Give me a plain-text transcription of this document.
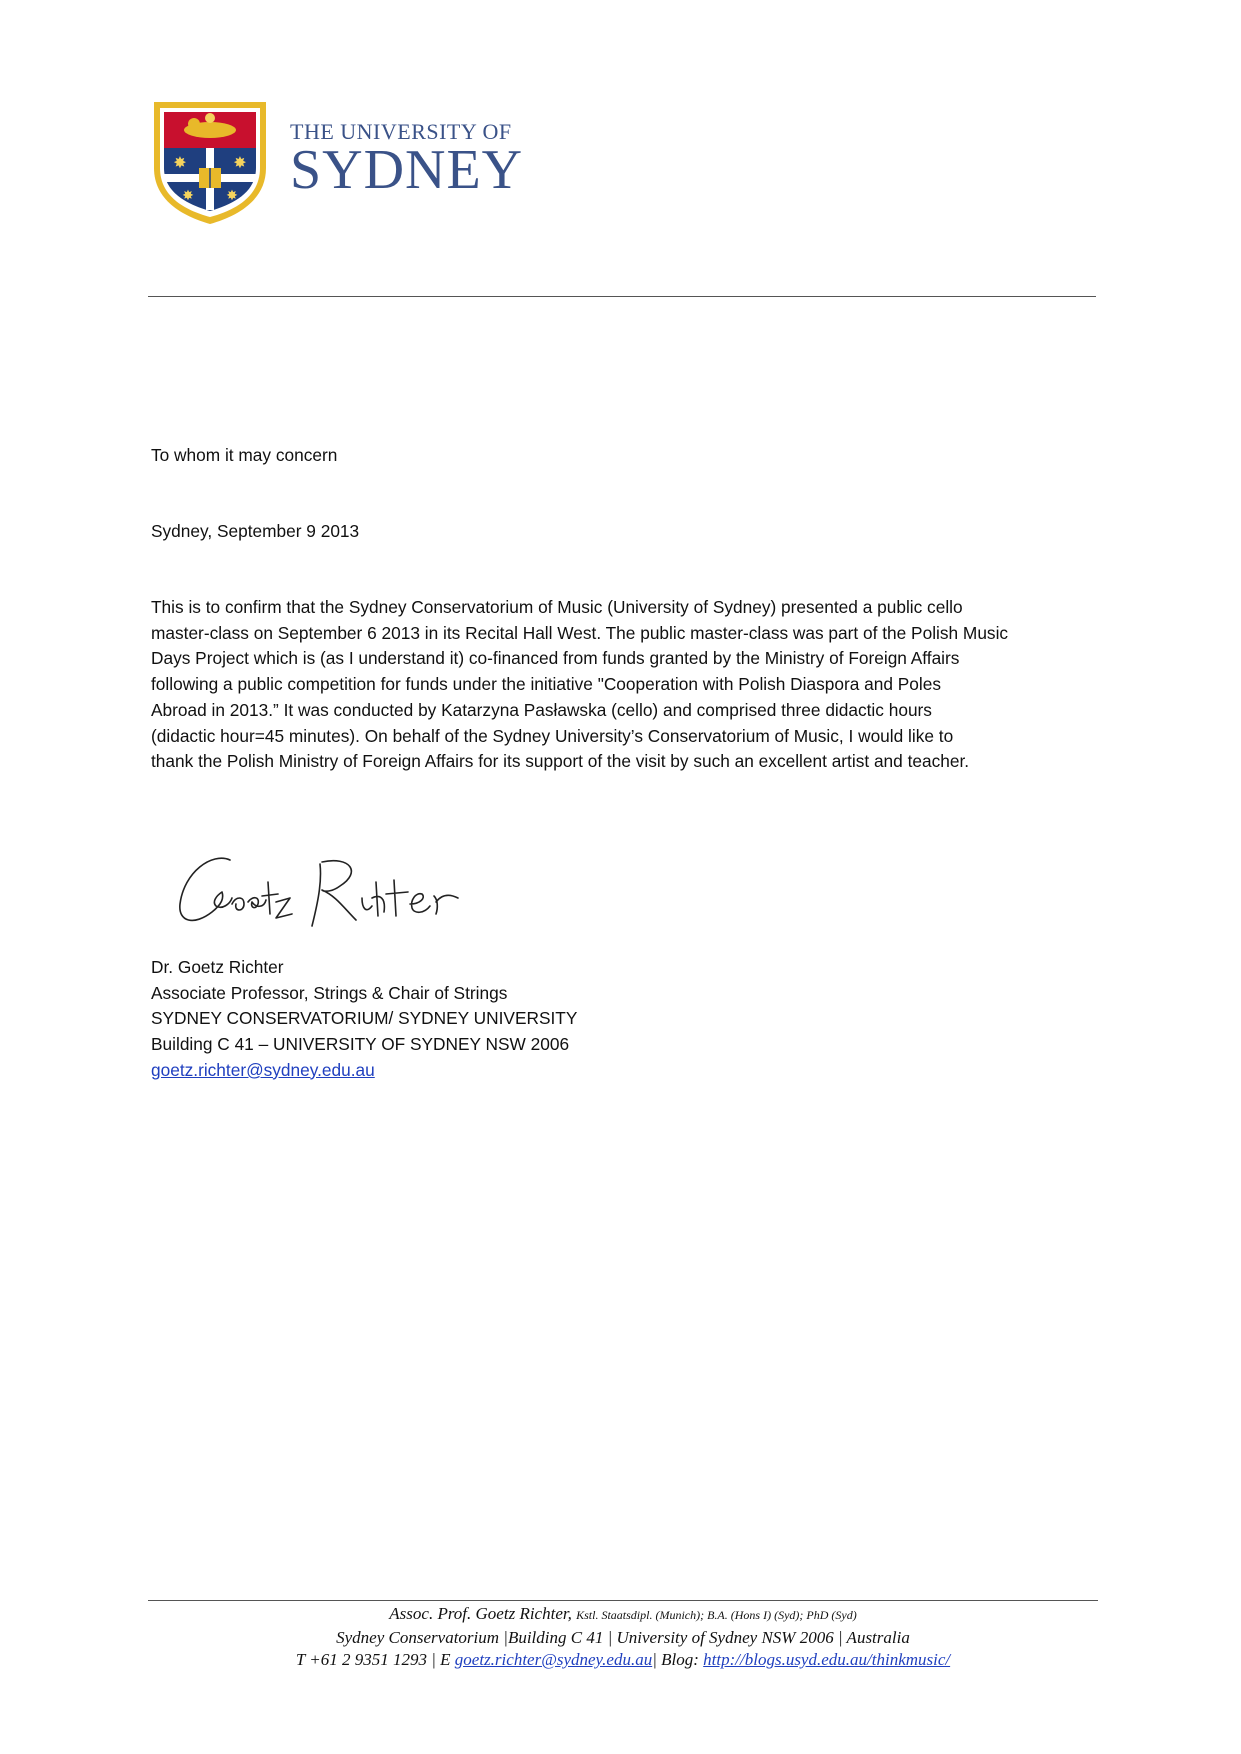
✸	✸
✸ ✸
THE UNIVERSITY OF
SYDNEY
To whom it may concern
Sydney, September 9 2013
This is to confirm that the Sydney Conservatorium of Music (University of Sydney) presented a public cello
master-class on September 6 2013 in its Recital Hall West. The public master-class was part of the Polish Music
Days Project which is (as I understand it) co-financed from funds granted by the Ministry of Foreign Affairs
following a public competition for funds under the initiative "Cooperation with Polish Diaspora and Poles
Abroad in 2013.” It was conducted by Katarzyna Pasławska (cello) and comprised three didactic hours
(didactic hour=45 minutes). On behalf of the Sydney University’s Conservatorium of Music, I would like to
thank the Polish Ministry of Foreign Affairs for its support of the visit by such an excellent artist and teacher.
Dr. Goetz Richter
Associate Professor, Strings & Chair of Strings
SYDNEY CONSERVATORIUM/ SYDNEY UNIVERSITY
Building C 41 – UNIVERSITY OF SYDNEY NSW 2006
goetz.richter@sydney.edu.au
Assoc. Prof. Goetz Richter, Kstl. Staatsdipl. (Munich); B.A. (Hons I) (Syd); PhD (Syd)
Sydney Conservatorium |Building C 41 | University of Sydney NSW 2006 | Australia
T +61 2 9351 1293 | E goetz.richter@sydney.edu.au| Blog: http://blogs.usyd.edu.au/thinkmusic/
